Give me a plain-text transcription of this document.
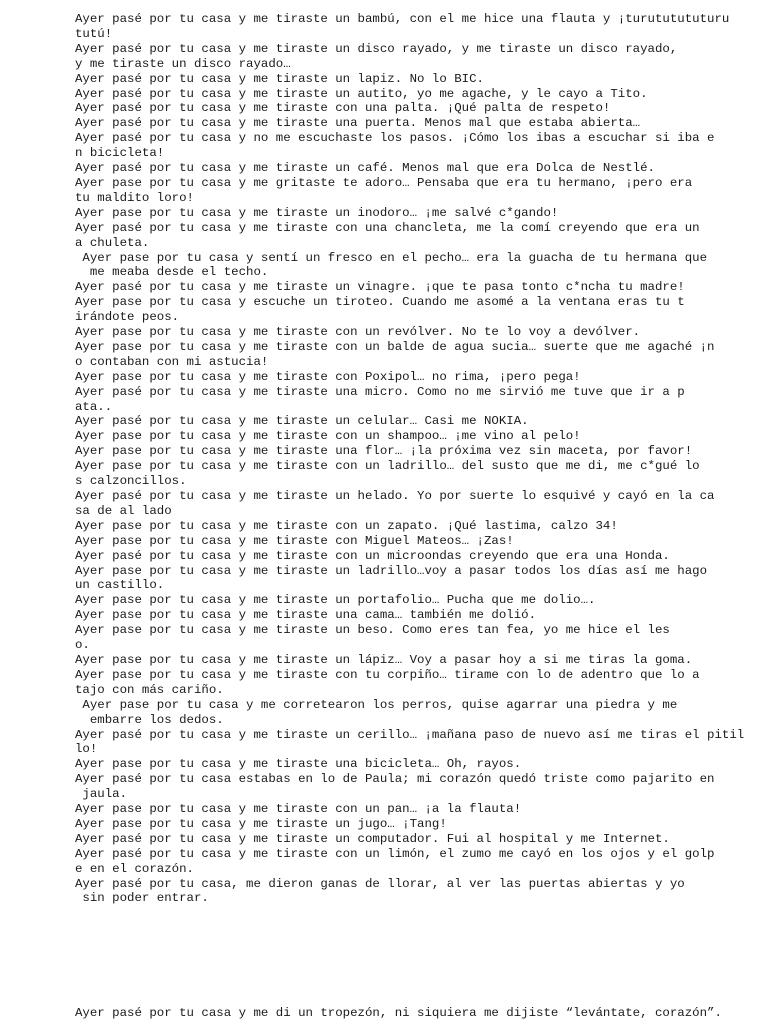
Ayer pasé por tu casa y me tiraste un bambú, con el me hice una flauta y ¡turututututuru
tutú!
Ayer pasé por tu casa y me tiraste un disco rayado, y me tiraste un disco rayado,
y me tiraste un disco rayado…
Ayer pasé por tu casa y me tiraste un lapiz. No lo BIC.
Ayer pasé por tu casa y me tiraste un autito, yo me agache, y le cayo a Tito.
Ayer pasé por tu casa y me tiraste con una palta. ¡Qué palta de respeto!
Ayer pasé por tu casa y me tiraste una puerta. Menos mal que estaba abierta…
Ayer pasé por tu casa y no me escuchaste los pasos. ¡Cómo los ibas a escuchar si iba e
n bicicleta!
Ayer pasé por tu casa y me tiraste un café. Menos mal que era Dolca de Nestlé.
Ayer pase por tu casa y me gritaste te adoro… Pensaba que era tu hermano, ¡pero era
tu maldito loro!
Ayer pase por tu casa y me tiraste un inodoro… ¡me salvé c*gando!
Ayer pasé por tu casa y me tiraste con una chancleta, me la comí creyendo que era un
a chuleta.
Ayer pase por tu casa y sentí un fresco en el pecho… era la guacha de tu hermana que
me meaba desde el techo.
Ayer pasé por tu casa y me tiraste un vinagre. ¡que te pasa tonto c*ncha tu madre!
Ayer pase por tu casa y escuche un tiroteo. Cuando me asomé a la ventana eras tu t
irándote peos.
Ayer pase por tu casa y me tiraste con un revólver. No te lo voy a devólver.
Ayer pase por tu casa y me tiraste con un balde de agua sucia… suerte que me agaché ¡n
o contaban con mi astucia!
Ayer pase por tu casa y me tiraste con Poxipol… no rima, ¡pero pega!
Ayer pasé por tu casa y me tiraste una micro. Como no me sirvió me tuve que ir a p
ata..
Ayer pasé por tu casa y me tiraste un celular… Casi me NOKIA.
Ayer pase por tu casa y me tiraste con un shampoo… ¡me vino al pelo!
Ayer pase por tu casa y me tiraste una flor… ¡la próxima vez sin maceta, por favor!
Ayer pase por tu casa y me tiraste con un ladrillo… del susto que me di, me c*gué lo
s calzoncillos.
Ayer pasé por tu casa y me tiraste un helado. Yo por suerte lo esquivé y cayó en la ca
sa de al lado
Ayer pase por tu casa y me tiraste con un zapato. ¡Qué lastima, calzo 34!
Ayer pase por tu casa y me tiraste con Miguel Mateos… ¡Zas!
Ayer pasé por tu casa y me tiraste con un microondas creyendo que era una Honda.
Ayer pase por tu casa y me tiraste un ladrillo…voy a pasar todos los días así me hago
un castillo.
Ayer pase por tu casa y me tiraste un portafolio… Pucha que me dolio….
Ayer pase por tu casa y me tiraste una cama… también me dolió.
Ayer pase por tu casa y me tiraste un beso. Como eres tan fea, yo me hice el les
o.
Ayer pase por tu casa y me tiraste un lápiz… Voy a pasar hoy a si me tiras la goma.
Ayer pase por tu casa y me tiraste con tu corpiño… tirame con lo de adentro que lo a
tajo con más cariño.
Ayer pase por tu casa y me corretearon los perros, quise agarrar una piedra y me
embarre los dedos.
Ayer pasé por tu casa y me tiraste un cerillo… ¡mañana paso de nuevo así me tiras el pitil
lo!
Ayer pase por tu casa y me tiraste una bicicleta… Oh, rayos.
Ayer pasé por tu casa estabas en lo de Paula; mi corazón quedó triste como pajarito en
jaula.
Ayer pase por tu casa y me tiraste con un pan… ¡a la flauta!
Ayer pase por tu casa y me tiraste un jugo… ¡Tang!
Ayer pasé por tu casa y me tiraste un computador. Fui al hospital y me Internet.
Ayer pasé por tu casa y me tiraste con un limón, el zumo me cayó en los ojos y el golp
e en el corazón.
Ayer pasé por tu casa, me dieron ganas de llorar, al ver las puertas abiertas y yo
sin poder entrar.
Ayer pasé por tu casa y me di un tropezón, ni siquiera me dijiste “levántate, corazón”.
